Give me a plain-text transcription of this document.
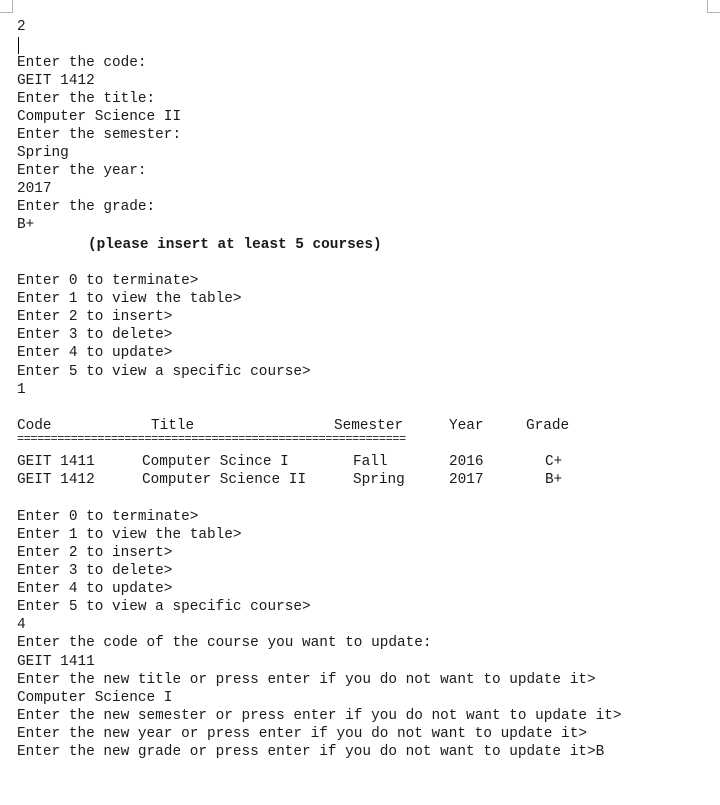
2
Enter the code:
GEIT 1412
Enter the title:
Computer Science II
Enter the semester:
Spring
Enter the year:
2017
Enter the grade:
B+
(please insert at least 5 courses)
Enter 0 to terminate>
Enter 1 to view the table>
Enter 2 to insert>
Enter 3 to delete>
Enter 4 to update>
Enter 5 to view a specific course>
1
Code	Title	Semester	Year	Grade
==========================================================
GEIT 1411	Computer Scince I	Fall	2016	C+
GEIT 1412	Computer Science II	Spring	2017	B+
Enter 0 to terminate>
Enter 1 to view the table>
Enter 2 to insert>
Enter 3 to delete>
Enter 4 to update>
Enter 5 to view a specific course>
4
Enter the code of the course you want to update:
GEIT 1411
Enter the new title or press enter if you do not want to update it>
Computer Science I
Enter the new semester or press enter if you do not want to update it>
Enter the new year or press enter if you do not want to update it>
Enter the new grade or press enter if you do not want to update it>B
